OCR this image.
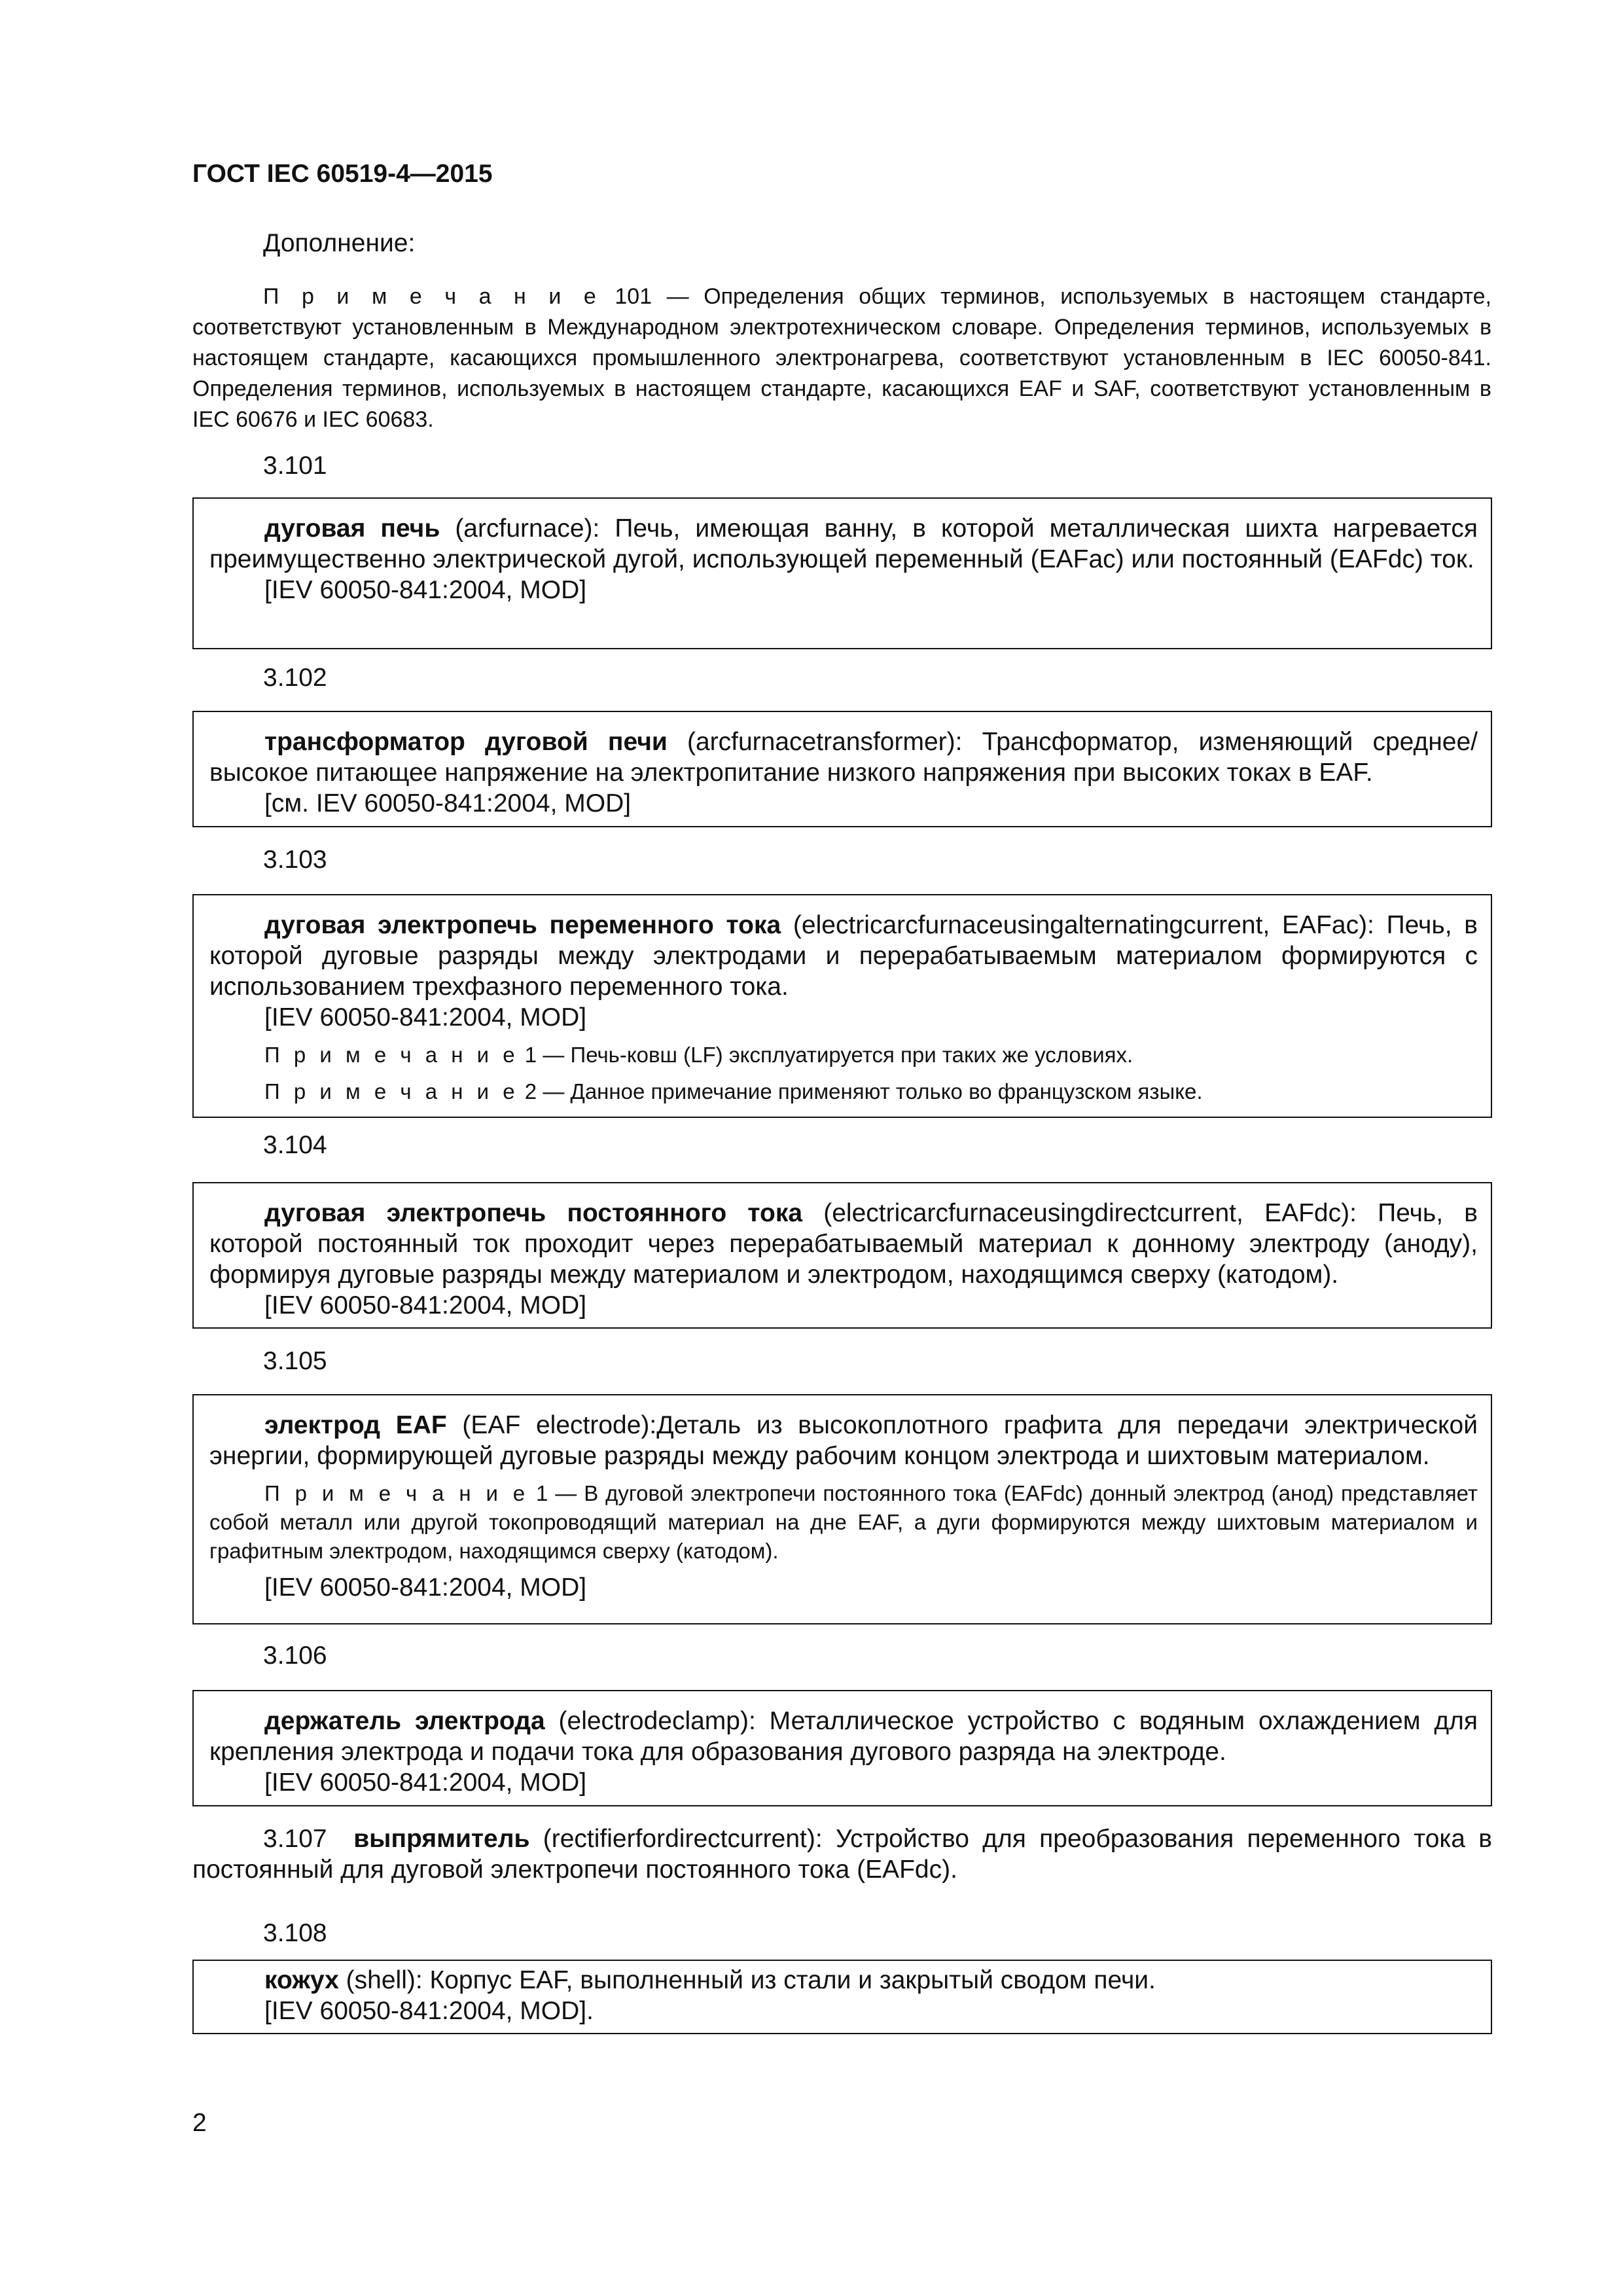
ГОСТ IEC 60519-4—2015
Дополнение:

П р и м е ч а н и е 101 — Определения общих терминов, используемых в настоящем стандарте, соответствуют установленным в Международном электротехническом словаре. Определения терминов, используемых в настоящем стандарте, касающихся промышленного электронагрева, соответствуют установленным в IEC 60050-841. Определения терминов, используемых в настоящем стандарте, касающихся EAF и SAF, соответствуют установленным в IEC 60676 и IEC 60683.

3.101

дуговая печь (arcfurnace): Печь, имеющая ванну, в которой металлическая шихта нагревается преимущественно электрической дугой, использующей переменный (EAFac) или постоянный (EAFdc) ток.

[IEV 60050-841:2004, MOD]

3.102

трансформатор дуговой печи (arcfurnacetransformer): Трансформатор, изменяющий среднее/высокое питающее напряжение на электропитание низкого напряжения при высоких токах в EAF.

[см. IEV 60050-841:2004, MOD]

3.103

дуговая электропечь переменного тока (electricarcfurnaceusingalternatingcurrent, EAFac): Печь, в которой дуговые разряды между электродами и перерабатываемым материалом формируются с использованием трехфазного переменного тока.

[IEV 60050-841:2004, MOD]

П р и м е ч а н и е 1 — Печь-ковш (LF) эксплуатируется при таких же условиях.

П р и м е ч а н и е 2 — Данное примечание применяют только во французском языке.

3.104

дуговая электропечь постоянного тока (electricarcfurnaceusingdirectcurrent, EAFdc): Печь, в которой постоянный ток проходит через перерабатываемый материал к донному электроду (аноду), формируя дуговые разряды между материалом и электродом, находящимся сверху (катодом).

[IEV 60050-841:2004, MOD]

3.105

электрод EAF (EAF electrode):Деталь из высокоплотного графита для передачи электрической энергии, формирующей дуговые разряды между рабочим концом электрода и шихтовым материалом.

П р и м е ч а н и е 1 — В дуговой электропечи постоянного тока (EAFdc) донный электрод (анод) представляет собой металл или другой токопроводящий материал на дне EAF, а дуги формируются между шихтовым материалом и графитным электродом, находящимся сверху (катодом).

[IEV 60050-841:2004, MOD]

3.106

держатель электрода (electrodeclamp): Металлическое устройство с водяным охлаждением для крепления электрода и подачи тока для образования дугового разряда на электроде.

[IEV 60050-841:2004, MOD]

3.107 выпрямитель (rectifierfordirectcurrent): Устройство для преобразования переменного тока в постоянный для дуговой электропечи постоянного тока (EAFdc).

3.108

кожух (shell): Корпус EAF, выполненный из стали и закрытый сводом печи.

[IEV 60050-841:2004, MOD].

2
